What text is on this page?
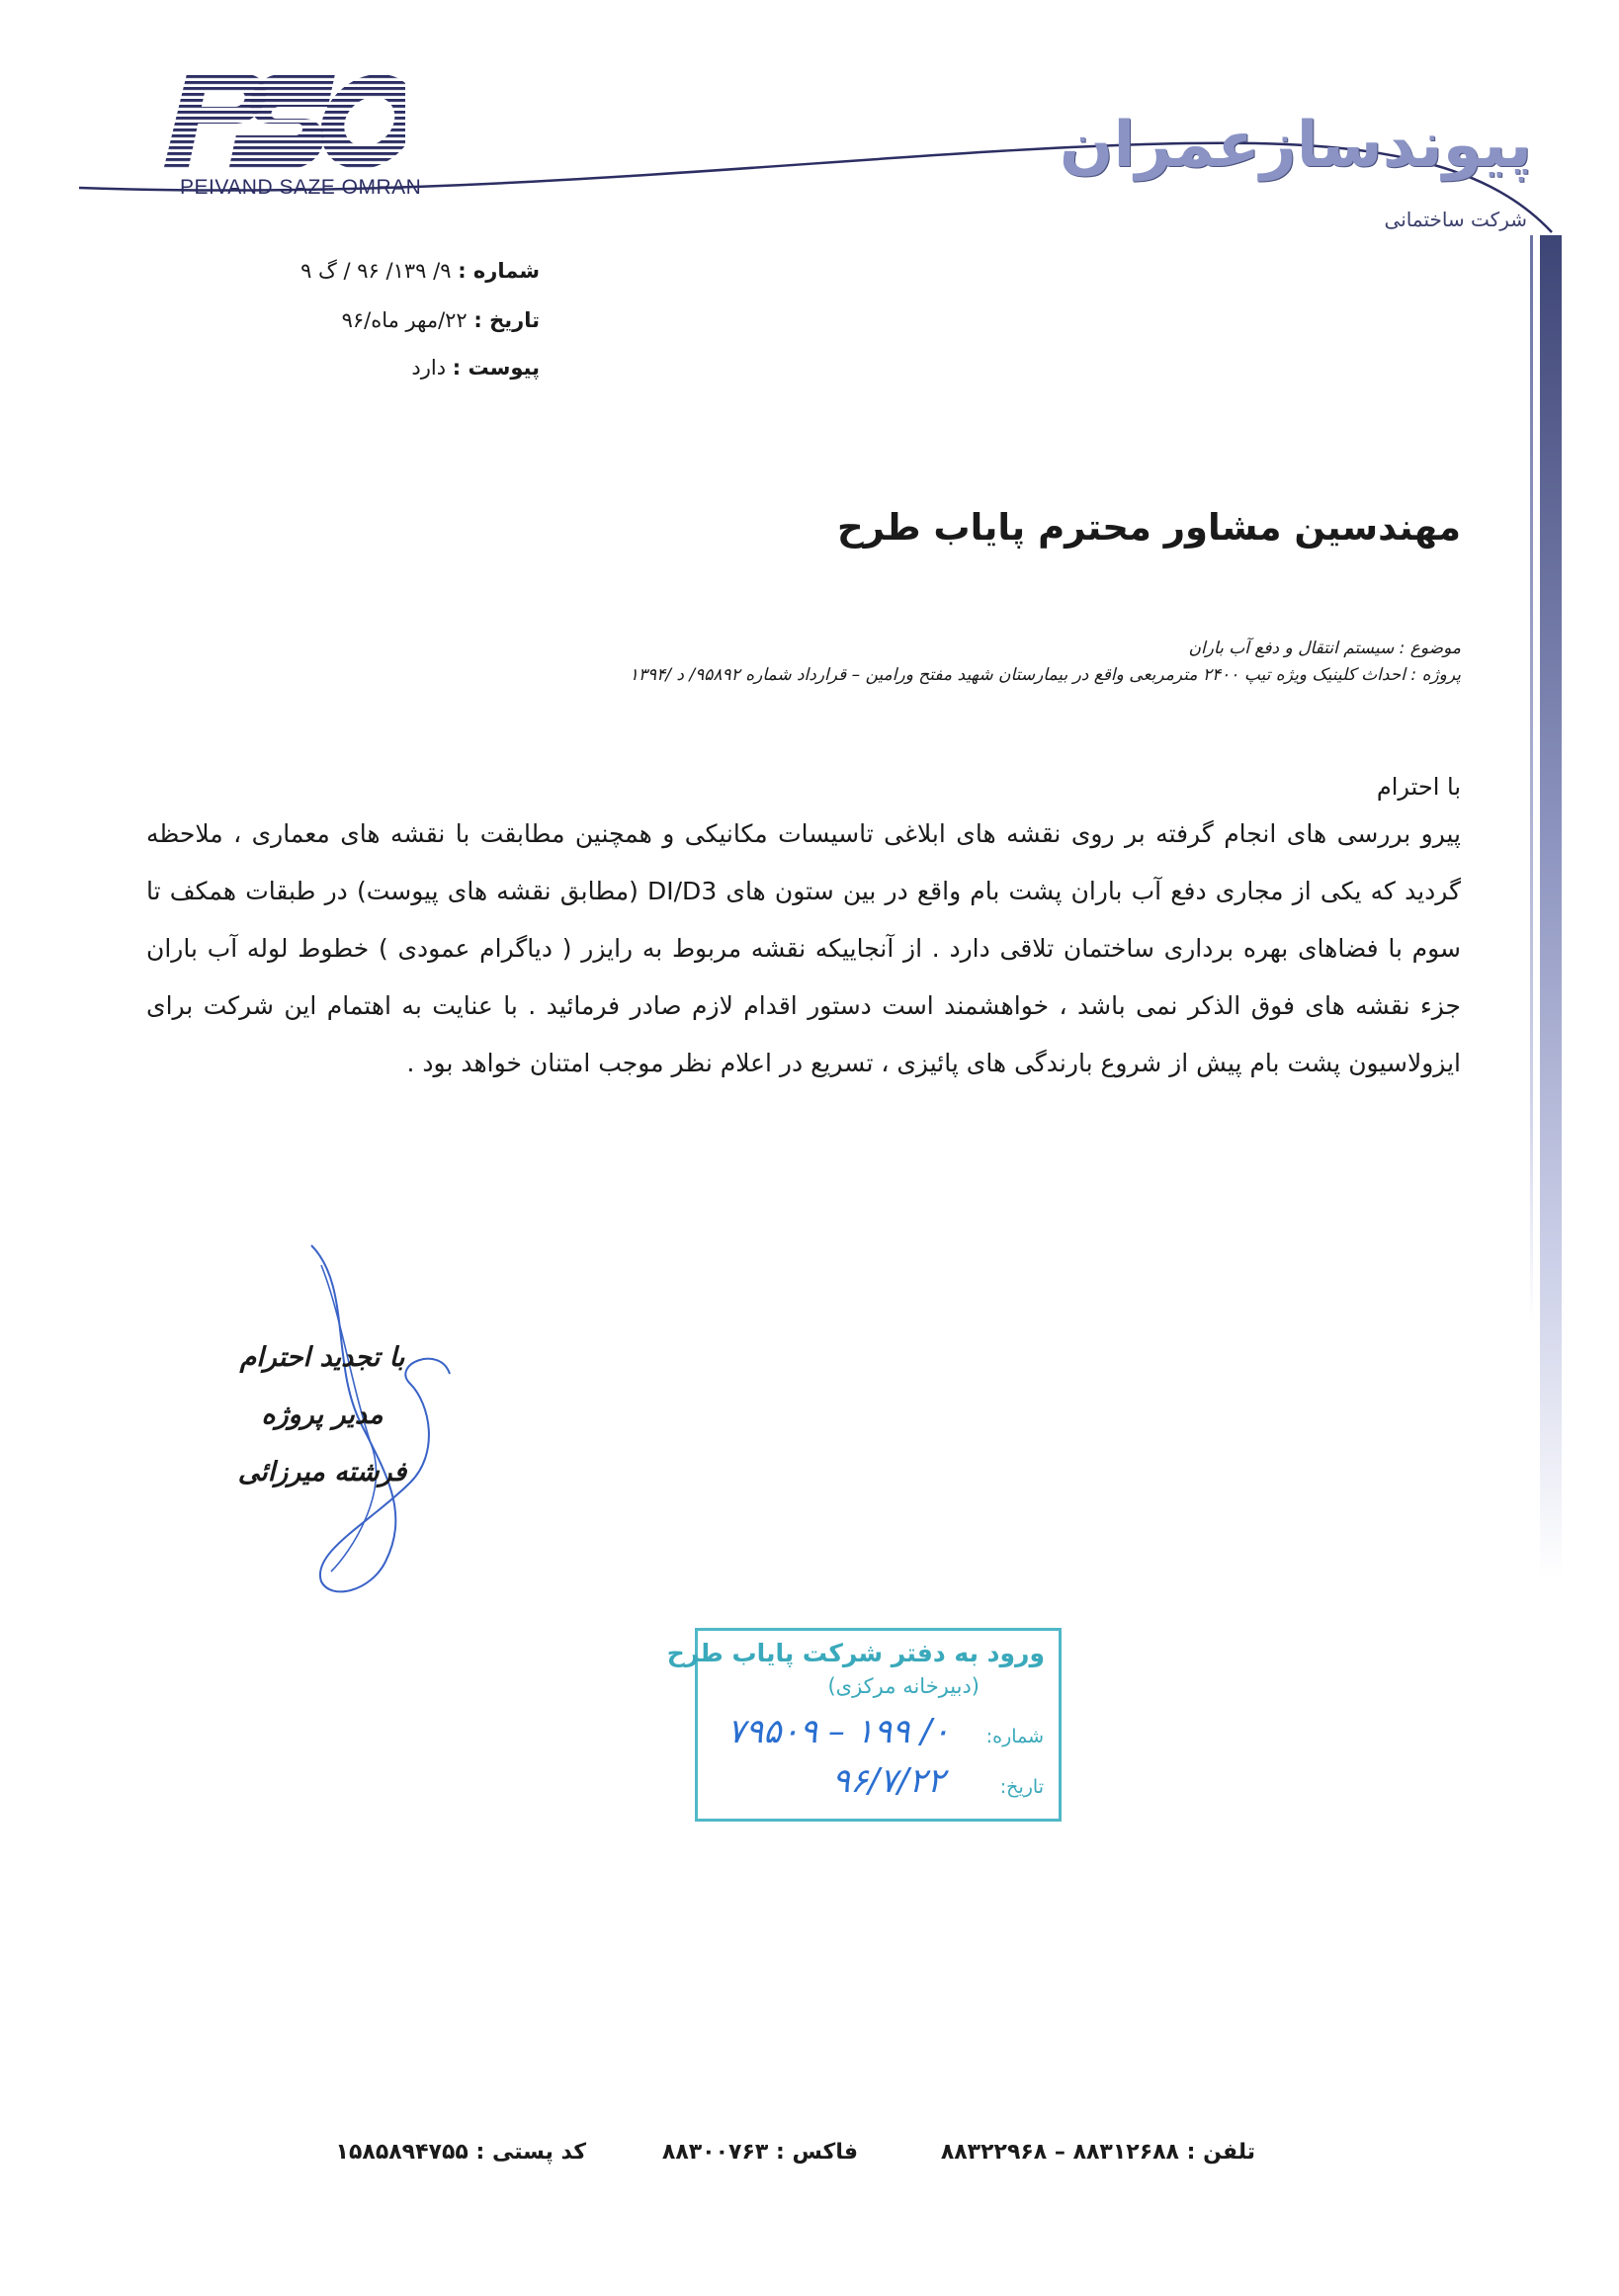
PEIVAND SAZE OMRAN
پیوندسازعمران
شرکت ساختمانی
شماره : ۹/ ۱۳۹/ ۹۶ / گ ۹
تاریخ : ۲۲/مهر ماه/۹۶
پیوست : دارد
مهندسین مشاور محترم پایاب طرح
موضوع : سیستم انتقال و دفع آب باران
پروژه : احداث کلینیک ویژه تیپ ۲۴۰۰ مترمربعی واقع در بیمارستان شهید مفتح ورامین – قرارداد شماره ۹۵۸۹۲/ د /۱۳۹۴
با احترام
پیرو بررسی های انجام گرفته بر روی نقشه های ابلاغی تاسیسات مکانیکی و همچنین مطابقت با نقشه های معماری ، ملاحظه گردید که یکی از مجاری دفع آب باران پشت بام واقع در بین ستون های DI/D3 (مطابق نقشه های پیوست) در طبقات همکف تا سوم با فضاهای بهره برداری ساختمان تلاقی دارد . از آنجاییکه نقشه مربوط به رایزر ( دیاگرام عمودی ) خطوط لوله آب باران جزء نقشه های فوق الذکر نمی باشد ، خواهشمند است دستور اقدام لازم صادر فرمائید . با عنایت به اهتمام این شرکت برای ایزولاسیون پشت بام پیش از شروع بارندگی های پائیزی ، تسریع در اعلام نظر موجب امتنان خواهد بود .
با تجدید احترام
مدیر پروژه
فرشته میرزائی
ورود به دفتر شرکت پایاب طرح
(دبیرخانه مرکزی)
شماره:
۷۹۵۰۹ – ۱۹۹ /۰
تاریخ:
۹۶/۷/۲۲
تلفن : ۸۸۳۱۲۶۸۸ – ۸۸۳۲۲۹۶۸
فاکس : ۸۸۳۰۰۷۶۳
کد پستی : ۱۵۸۵۸۹۴۷۵۵
